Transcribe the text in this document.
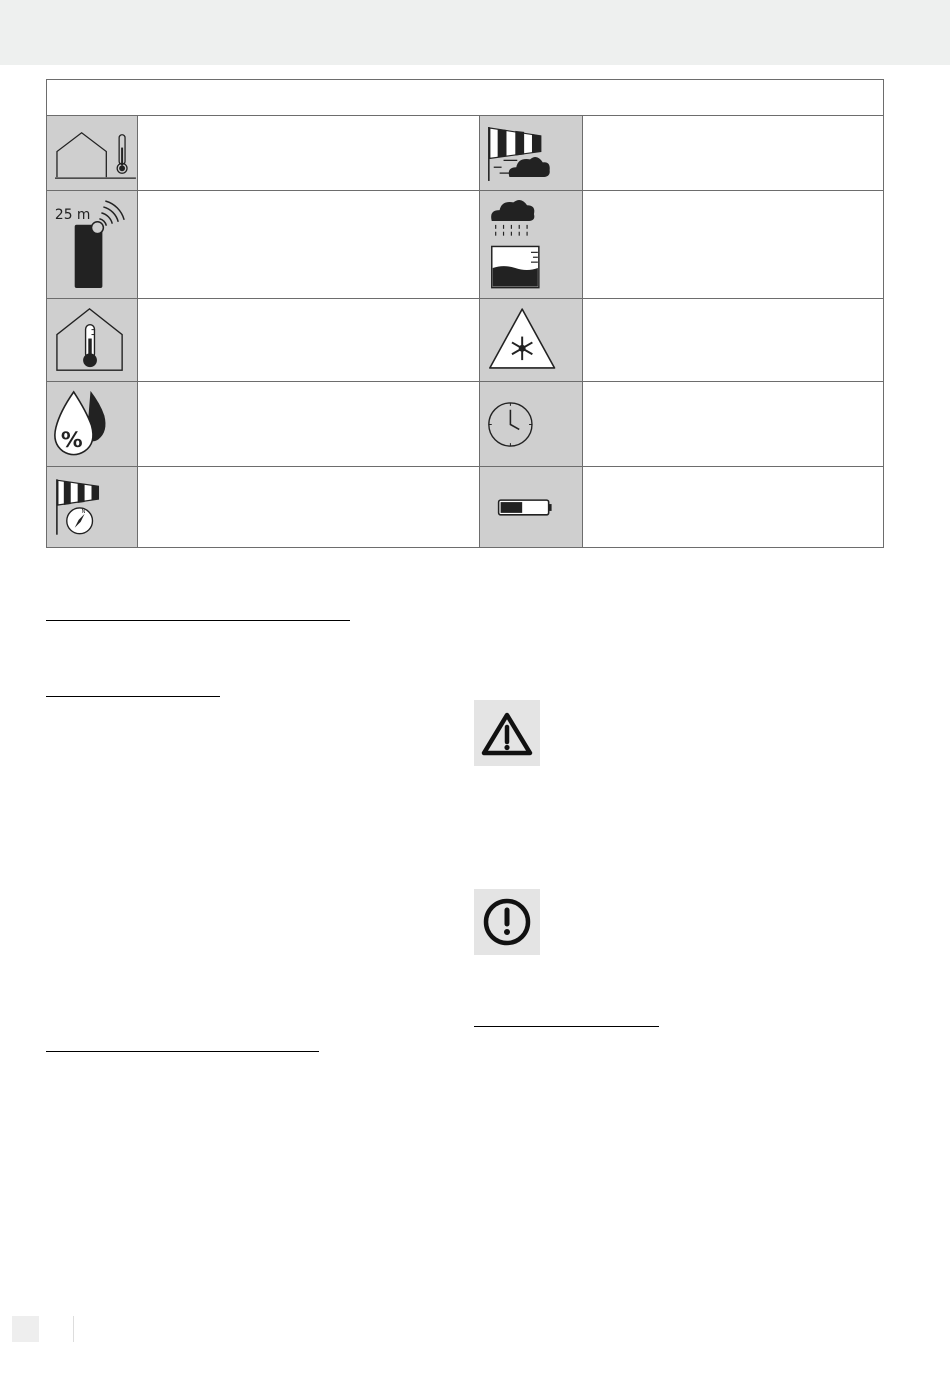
25 m
%
N
